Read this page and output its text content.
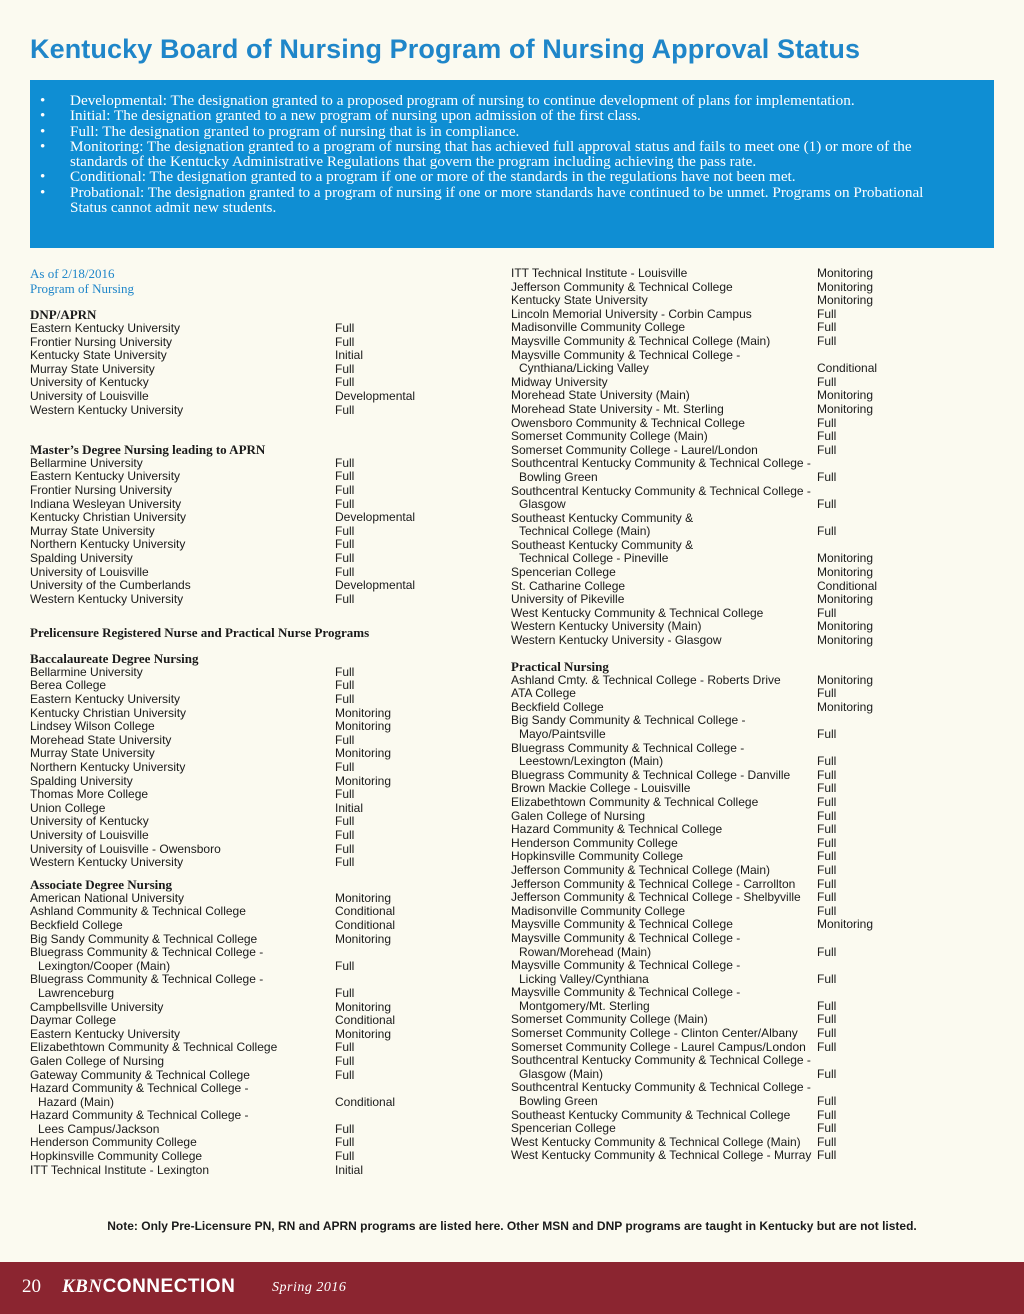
Kentucky Board of Nursing Program of Nursing Approval Status
• Developmental: The designation granted to a proposed program of nursing to continue development of plans for implementation.
• Initial: The designation granted to a new program of nursing upon admission of the first class.
• Full: The designation granted to program of nursing that is in compliance.
• Monitoring: The designation granted to a program of nursing that has achieved full approval status and fails to meet one (1) or more of the standards of the Kentucky Administrative Regulations that govern the program including achieving the pass rate.
• Conditional: The designation granted to a program if one or more of the standards in the regulations have not been met.
• Probational: The designation granted to a program of nursing if one or more standards have continued to be unmet. Programs on Probational Status cannot admit new students.
As of 2/18/2016
Program of Nursing
DNP/APRN
Eastern Kentucky University	Full
Frontier Nursing University	Full
Kentucky State University	Initial
Murray State University	Full
University of Kentucky	Full
University of Louisville	Developmental
Western Kentucky University	Full
Master’s Degree Nursing leading to APRN
Bellarmine University	Full
Eastern Kentucky University	Full
Frontier Nursing University	Full
Indiana Wesleyan University	Full
Kentucky Christian University	Developmental
Murray State University	Full
Northern Kentucky University	Full
Spalding University	Full
University of Louisville	Full
University of the Cumberlands	Developmental
Western Kentucky University	Full
Prelicensure Registered Nurse and Practical Nurse Programs
Baccalaureate Degree Nursing
Bellarmine University	Full
Berea College	Full
Eastern Kentucky University	Full
Kentucky Christian University	Monitoring
Lindsey Wilson College	Monitoring
Morehead State University	Full
Murray State University	Monitoring
Northern Kentucky University	Full
Spalding University	Monitoring
Thomas More College	Full
Union College	Initial
University of Kentucky	Full
University of Louisville	Full
University of Louisville - Owensboro	Full
Western Kentucky University	Full
Associate Degree Nursing
American National University	Monitoring
Ashland Community & Technical College	Conditional
Beckfield College	Conditional
Big Sandy Community & Technical College	Monitoring
Bluegrass Community & Technical College -
Lexington/Cooper (Main)	Full
Bluegrass Community & Technical College -
Lawrenceburg	Full
Campbellsville University	Monitoring
Daymar College	Conditional
Eastern Kentucky University	Monitoring
Elizabethtown Community & Technical College	Full
Galen College of Nursing	Full
Gateway Community & Technical College	Full
Hazard Community & Technical College -
Hazard (Main)	Conditional
Hazard Community & Technical College -
Lees Campus/Jackson	Full
Henderson Community College	Full
Hopkinsville Community College	Full
ITT Technical Institute - Lexington	Initial
ITT Technical Institute - Louisville	Monitoring
Jefferson Community & Technical College	Monitoring
Kentucky State University	Monitoring
Lincoln Memorial University - Corbin Campus	Full
Madisonville Community College	Full
Maysville Community & Technical College (Main)	Full
Maysville Community & Technical College -
Cynthiana/Licking Valley	Conditional
Midway University	Full
Morehead State University (Main)	Monitoring
Morehead State University - Mt. Sterling	Monitoring
Owensboro Community & Technical College	Full
Somerset Community College (Main)	Full
Somerset Community College - Laurel/London	Full
Southcentral Kentucky Community & Technical College -
Bowling Green	Full
Southcentral Kentucky Community & Technical College -
Glasgow	Full
Southeast Kentucky Community &
Technical College (Main)	Full
Southeast Kentucky Community &
Technical College - Pineville	Monitoring
Spencerian College	Monitoring
St. Catharine College	Conditional
University of Pikeville	Monitoring
West Kentucky Community & Technical College	Full
Western Kentucky University (Main)	Monitoring
Western Kentucky University - Glasgow	Monitoring
Practical Nursing
Ashland Cmty. & Technical College - Roberts Drive	Monitoring
ATA College	Full
Beckfield College	Monitoring
Big Sandy Community & Technical College -
Mayo/Paintsville	Full
Bluegrass Community & Technical College -
Leestown/Lexington (Main)	Full
Bluegrass Community & Technical College - Danville Full
Brown Mackie College - Louisville	Full
Elizabethtown Community & Technical College	Full
Galen College of Nursing	Full
Hazard Community & Technical College	Full
Henderson Community College	Full
Hopkinsville Community College	Full
Jefferson Community & Technical College (Main)	Full
Jefferson Community & Technical College - Carrollton Full
Jefferson Community & Technical College - Shelbyville Full
Madisonville Community College	Full
Maysville Community & Technical College	Monitoring
Maysville Community & Technical College -
Rowan/Morehead (Main)	Full
Maysville Community & Technical College -
Licking Valley/Cynthiana	Full
Maysville Community & Technical College -
Montgomery/Mt. Sterling	Full
Somerset Community College (Main)	Full
Somerset Community College - Clinton Center/Albany Full
Somerset Community College - Laurel Campus/London Full
Southcentral Kentucky Community & Technical College -
Glasgow (Main)	Full
Southcentral Kentucky Community & Technical College -
Bowling Green	Full
Southeast Kentucky Community & Technical College Full
Spencerian College	Full
West Kentucky Community & Technical College (Main) Full
West Kentucky Community & Technical College - Murray Full
Note: Only Pre-Licensure PN, RN and APRN programs are listed here. Other MSN and DNP programs are taught in Kentucky but are not listed.
20 KBNCONNECTION	Spring 2016
